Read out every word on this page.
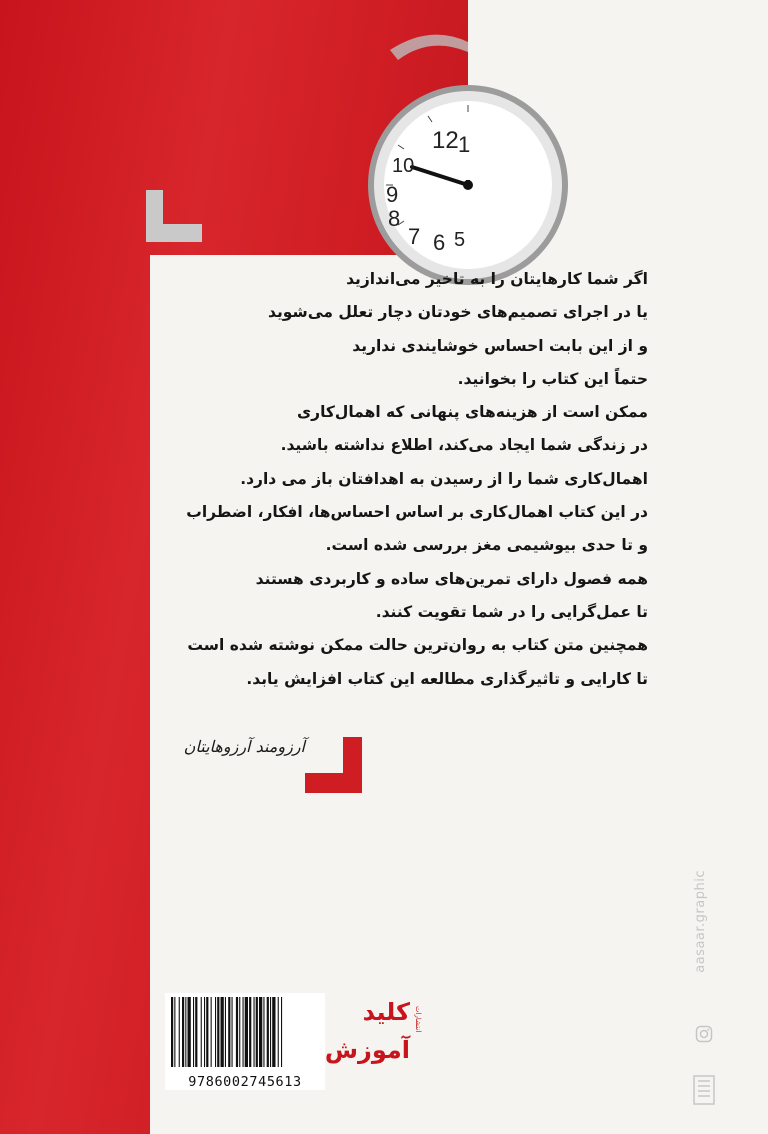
12 1
10
9
8
7 6 5
اگر شما کارهایتان را به تاخیر می‌اندازید
یا در اجرای تصمیم‌های خودتان دچار تعلل می‌شوید
و از این بابت احساس خوشایندی ندارید
حتماً این کتاب را بخوانید.
ممکن است از هزینه‌های پنهانی که اهمال‌کاری
در زندگی شما ایجاد می‌کند، اطلاع نداشته باشید.
اهمال‌کاری شما را از رسیدن به اهدافتان باز می دارد.
در این کتاب اهمال‌کاری بر اساس احساس‌ها، افکار، اضطراب
و تا حدی بیوشیمی مغز بررسی شده است.
همه فصول دارای تمرین‌های ساده و کاربردی هستند
تا عمل‌گرایی را در شما تقویت کنند.
همچنین متن کتاب به روان‌ترین حالت ممکن نوشته شده است
تا کارایی و تاثیرگذاری مطالعه این کتاب افزایش یابد.
آرزومند آرزوهایتان
9786002745613
انتشارات
کلید
آموزش
aasaar.graphic
